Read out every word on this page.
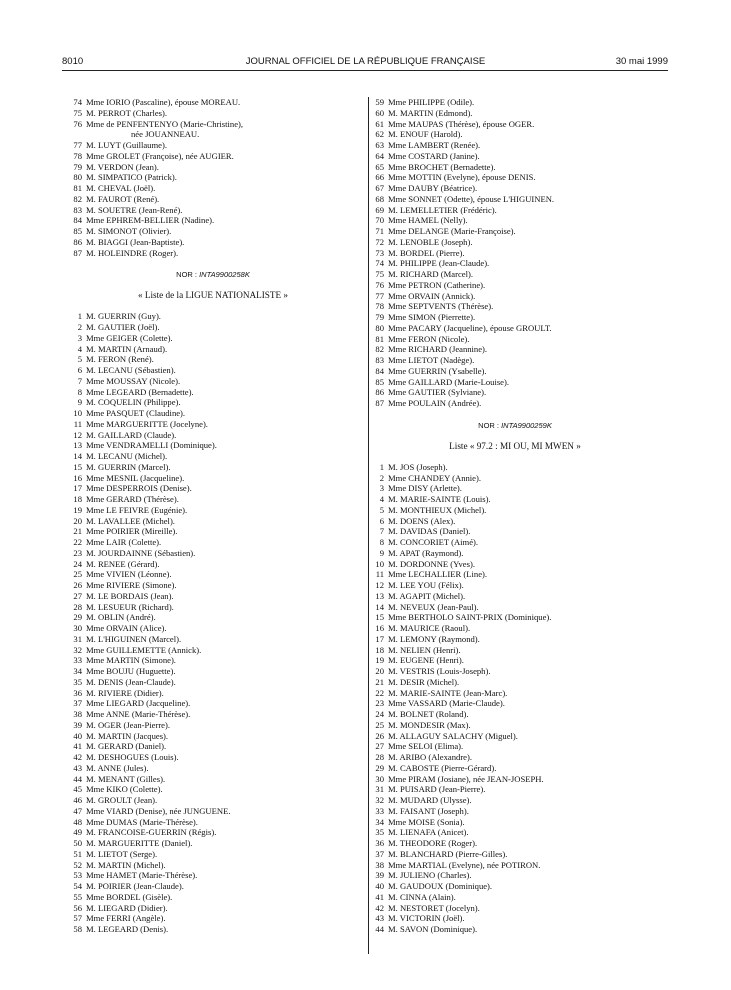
8010	JOURNAL OFFICIEL DE LA RÉPUBLIQUE FRANÇAISE	30 mai 1999
74 Mme IORIO (Pascaline), épouse MOREAU.
75 M. PERROT (Charles).
76 Mme de PENFENTENYO (Marie-Christine),
née JOUANNEAU.
77 M. LUYT (Guillaume).
78 Mme GROLET (Françoise), née AUGIER.
79 M. VERDON (Jean).
80 M. SIMPATICO (Patrick).
81 M. CHEVAL (Joël).
82 M. FAUROT (René).
83 M. SOUETRE (Jean-René).
84 Mme EPHREM-BELLIER (Nadine).
85 M. SIMONOT (Olivier).
86 M. BIAGGI (Jean-Baptiste).
87 M. HOLEINDRE (Roger).
NOR : INTA9900258K
« Liste de la LIGUE NATIONALISTE »
1 M. GUERRIN (Guy).
2 M. GAUTIER (Joël).
3 Mme GEIGER (Colette).
4 M. MARTIN (Arnaud).
5 M. FERON (René).
6 M. LECANU (Sébastien).
7 Mme MOUSSAY (Nicole).
8 Mme LEGEARD (Bernadette).
9 M. COQUELIN (Philippe).
10 Mme PASQUET (Claudine).
11 Mme MARGUERITTE (Jocelyne).
12 M. GAILLARD (Claude).
13 Mme VENDRAMELLI (Dominique).
14 M. LECANU (Michel).
15 M. GUERRIN (Marcel).
16 Mme MESNIL (Jacqueline).
17 Mme DESPERROIS (Denise).
18 Mme GERARD (Thérèse).
19 Mme LE FEIVRE (Eugénie).
20 M. LAVALLEE (Michel).
21 Mme POIRIER (Mireille).
22 Mme LAIR (Colette).
23 M. JOURDAINNE (Sébastien).
24 M. RENEE (Gérard).
25 Mme VIVIEN (Léonne).
26 Mme RIVIERE (Simone).
27 M. LE BORDAIS (Jean).
28 M. LESUEUR (Richard).
29 M. OBLIN (André).
30 Mme ORVAIN (Alice).
31 M. L'HIGUINEN (Marcel).
32 Mme GUILLEMETTE (Annick).
33 Mme MARTIN (Simone).
34 Mme BOUJU (Huguette).
35 M. DENIS (Jean-Claude).
36 M. RIVIERE (Didier).
37 Mme LIEGARD (Jacqueline).
38 Mme ANNE (Marie-Thérèse).
39 M. OGER (Jean-Pierre).
40 M. MARTIN (Jacques).
41 M. GERARD (Daniel).
42 M. DESHOGUES (Louis).
43 M. ANNE (Jules).
44 M. MENANT (Gilles).
45 Mme KIKO (Colette).
46 M. GROULT (Jean).
47 Mme VIARD (Denise), née JUNGUENE.
48 Mme DUMAS (Marie-Thérèse).
49 M. FRANCOISE-GUERRIN (Régis).
50 M. MARGUERITTE (Daniel).
51 M. LIETOT (Serge).
52 M. MARTIN (Michel).
53 Mme HAMET (Marie-Thérèse).
54 M. POIRIER (Jean-Claude).
55 Mme BORDEL (Gisèle).
56 M. LIEGARD (Didier).
57 Mme FERRI (Angèle).
58 M. LEGEARD (Denis).
59 Mme PHILIPPE (Odile).
60 M. MARTIN (Edmond).
61 Mme MAUPAS (Thérèse), épouse OGER.
62 M. ENOUF (Harold).
63 Mme LAMBERT (Renée).
64 Mme COSTARD (Janine).
65 Mme BROCHET (Bernadette).
66 Mme MOTTIN (Evelyne), épouse DENIS.
67 Mme DAUBY (Béatrice).
68 Mme SONNET (Odette), épouse L'HIGUINEN.
69 M. LEMELLETIER (Frédéric).
70 Mme HAMEL (Nelly).
71 Mme DELANGE (Marie-Françoise).
72 M. LENOBLE (Joseph).
73 M. BORDEL (Pierre).
74 M. PHILIPPE (Jean-Claude).
75 M. RICHARD (Marcel).
76 Mme PETRON (Catherine).
77 Mme ORVAIN (Annick).
78 Mme SEPTVENTS (Thérèse).
79 Mme SIMON (Pierrette).
80 Mme PACARY (Jacqueline), épouse GROULT.
81 Mme FERON (Nicole).
82 Mme RICHARD (Jeannine).
83 Mme LIETOT (Nadège).
84 Mme GUERRIN (Ysabelle).
85 Mme GAILLARD (Marie-Louise).
86 Mme GAUTIER (Sylviane).
87 Mme POULAIN (Andrée).
NOR : INTA9900259K
Liste « 97.2 : MI OU, MI MWEN »
1 M. JOS (Joseph).
2 Mme CHANDEY (Annie).
3 Mme DISY (Arlette).
4 M. MARIE-SAINTE (Louis).
5 M. MONTHIEUX (Michel).
6 M. DOENS (Alex).
7 M. DAVIDAS (Daniel).
8 M. CONCORIET (Aimé).
9 M. APAT (Raymond).
10 M. DORDONNE (Yves).
11 Mme LECHALLIER (Line).
12 M. LEE YOU (Félix).
13 M. AGAPIT (Michel).
14 M. NEVEUX (Jean-Paul).
15 Mme BERTHOLO SAINT-PRIX (Dominique).
16 M. MAURICE (Raoul).
17 M. LEMONY (Raymond).
18 M. NELIEN (Henri).
19 M. EUGENE (Henri).
20 M. VESTRIS (Louis-Joseph).
21 M. DESIR (Michel).
22 M. MARIE-SAINTE (Jean-Marc).
23 Mme VASSARD (Marie-Claude).
24 M. BOLNET (Roland).
25 M. MONDESIR (Max).
26 M. ALLAGUY SALACHY (Miguel).
27 Mme SELOI (Elima).
28 M. ARIBO (Alexandre).
29 M. CABOSTE (Pierre-Gérard).
30 Mme PIRAM (Josiane), née JEAN-JOSEPH.
31 M. PUISARD (Jean-Pierre).
32 M. MUDARD (Ulysse).
33 M. FAISANT (Joseph).
34 Mme MOISE (Sonia).
35 M. LIENAFA (Anicet).
36 M. THEODORE (Roger).
37 M. BLANCHARD (Pierre-Gilles).
38 Mme MARTIAL (Evelyne), née POTIRON.
39 M. JULIENO (Charles).
40 M. GAUDOUX (Dominique).
41 M. CINNA (Alain).
42 M. NESTORET (Jocelyn).
43 M. VICTORIN (Joël).
44 M. SAVON (Dominique).
